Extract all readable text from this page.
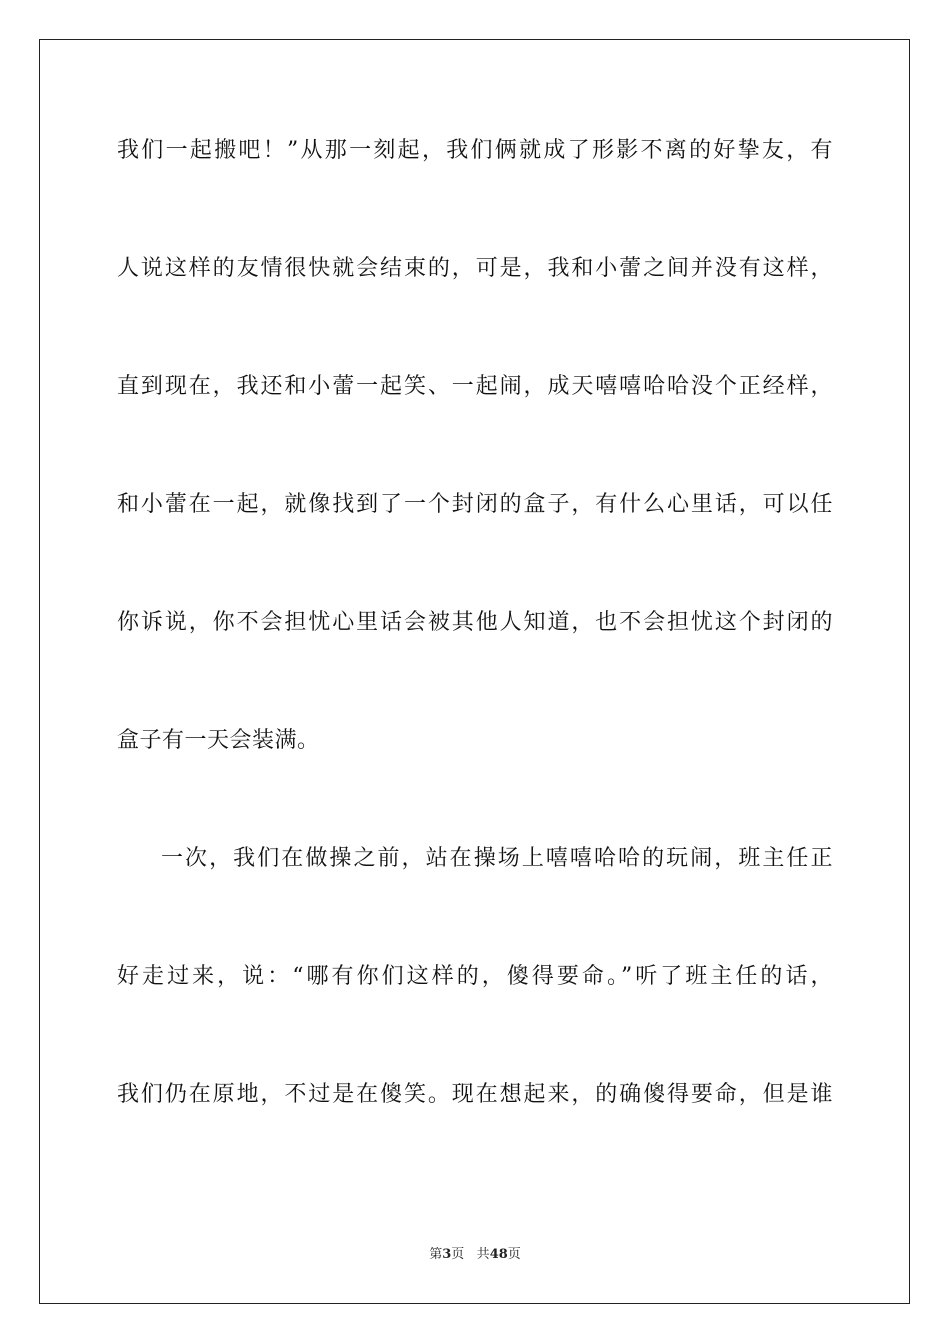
我们一起搬吧！”从那一刻起，我们俩就成了形影不离的好挚友，有
人说这样的友情很快就会结束的，可是，我和小蕾之间并没有这样，
直到现在，我还和小蕾一起笑、一起闹，成天嘻嘻哈哈没个正经样，
和小蕾在一起，就像找到了一个封闭的盒子，有什么心里话，可以任
你诉说，你不会担忧心里话会被其他人知道，也不会担忧这个封闭的
盒子有一天会装满。
一次，我们在做操之前，站在操场上嘻嘻哈哈的玩闹，班主任正
好走过来，说：“哪有你们这样的，傻得要命。”听了班主任的话，
我们仍在原地，不过是在傻笑。现在想起来，的确傻得要命，但是谁
第3页 共48页
